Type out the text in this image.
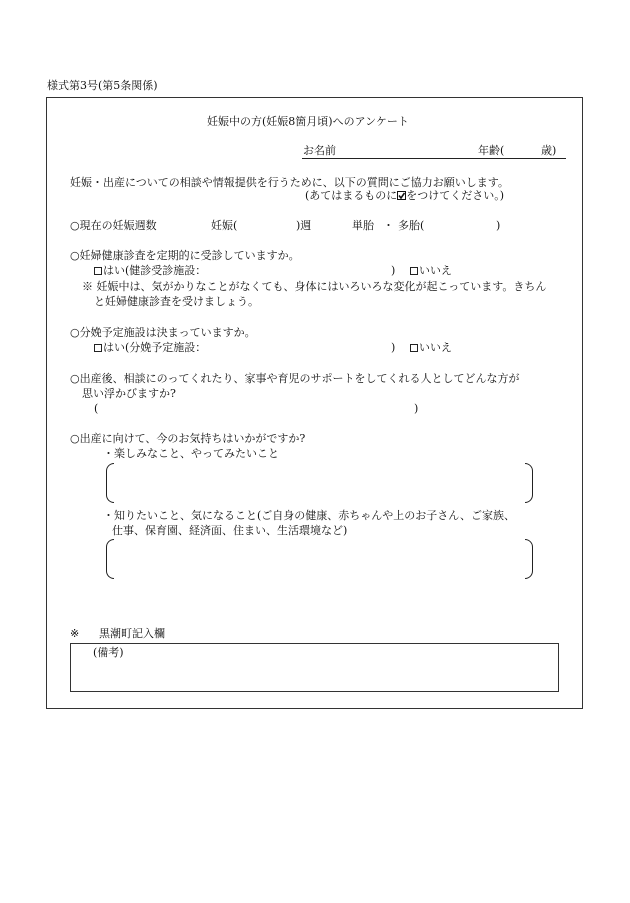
様式第3号(第5条関係)
妊娠中の方(妊娠8箇月頃)へのアンケート
お名前	年齢(	歳)
妊娠・出産についての相談や情報提供を行うために、以下の質問にご協力お願いします。
(あてはまるものに をつけてください。)
○現在の妊娠週数	妊娠(	)週	単胎 ・ 多胎(	)
○妊婦健康診査を定期的に受診していますか。
はい(健診受診施設：	)	いいえ
※ 妊娠中は、気がかりなことがなくても、身体にはいろいろな変化が起こっています。きちん
と妊婦健康診査を受けましょう。
○分娩予定施設は決まっていますか。
はい(分娩予定施設：	)	いいえ
○出産後、相談にのってくれたり、家事や育児のサポートをしてくれる人としてどんな方が
思い浮かびますか?
(	)
○出産に向けて、今のお気持ちはいかがですか?
・楽しみなこと、やってみたいこと
・知りたいこと、気になること(ご自身の健康、赤ちゃんや上のお子さん、ご家族、
仕事、保育園、経済面、住まい、生活環境など)
※ 黒潮町記入欄
(備考)
